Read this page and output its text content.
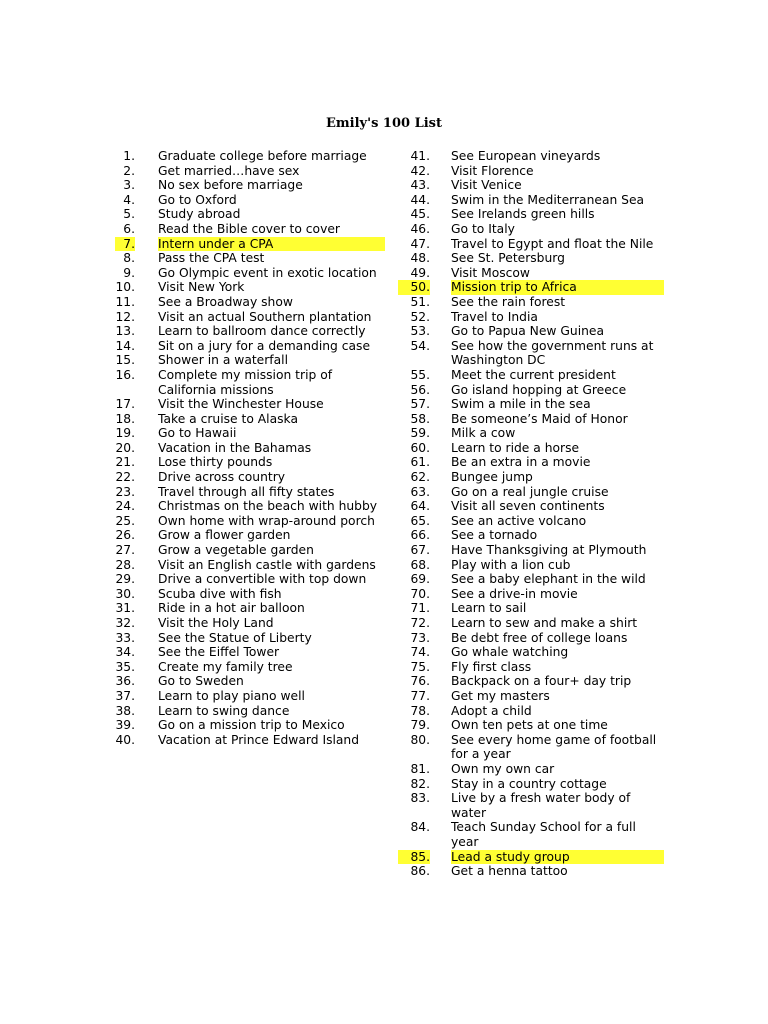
Emily's 100 List
1. Graduate college before marriage
2. Get married…have sex
3. No sex before marriage
4. Go to Oxford
5. Study abroad
6. Read the Bible cover to cover
7. Intern under a CPA
8. Pass the CPA test
9. Go Olympic event in exotic location
10. Visit New York
11. See a Broadway show
12. Visit an actual Southern plantation
13. Learn to ballroom dance correctly
14. Sit on a jury for a demanding case
15. Shower in a waterfall
16. Complete my mission trip of California missions
17. Visit the Winchester House
18. Take a cruise to Alaska
19. Go to Hawaii
20. Vacation in the Bahamas
21. Lose thirty pounds
22. Drive across country
23. Travel through all fifty states
24. Christmas on the beach with hubby
25. Own home with wrap-around porch
26. Grow a flower garden
27. Grow a vegetable garden
28. Visit an English castle with gardens
29. Drive a convertible with top down
30. Scuba dive with fish
31. Ride in a hot air balloon
32. Visit the Holy Land
33. See the Statue of Liberty
34. See the Eiffel Tower
35. Create my family tree
36. Go to Sweden
37. Learn to play piano well
38. Learn to swing dance
39. Go on a mission trip to Mexico
40. Vacation at Prince Edward Island
41. See European vineyards
42. Visit Florence
43. Visit Venice
44. Swim in the Mediterranean Sea
45. See Irelands green hills
46. Go to Italy
47. Travel to Egypt and float the Nile
48. See St. Petersburg
49. Visit Moscow
50. Mission trip to Africa
51. See the rain forest
52. Travel to India
53. Go to Papua New Guinea
54. See how the government runs at Washington DC
55. Meet the current president
56. Go island hopping at Greece
57. Swim a mile in the sea
58. Be someone’s Maid of Honor
59. Milk a cow
60. Learn to ride a horse
61. Be an extra in a movie
62. Bungee jump
63. Go on a real jungle cruise
64. Visit all seven continents
65. See an active volcano
66. See a tornado
67. Have Thanksgiving at Plymouth
68. Play with a lion cub
69. See a baby elephant in the wild
70. See a drive-in movie
71. Learn to sail
72. Learn to sew and make a shirt
73. Be debt free of college loans
74. Go whale watching
75. Fly first class
76. Backpack on a four+ day trip
77. Get my masters
78. Adopt a child
79. Own ten pets at one time
80. See every home game of football for a year
81. Own my own car
82. Stay in a country cottage
83. Live by a fresh water body of water
84. Teach Sunday School for a full year
85. Lead a study group
86. Get a henna tattoo
